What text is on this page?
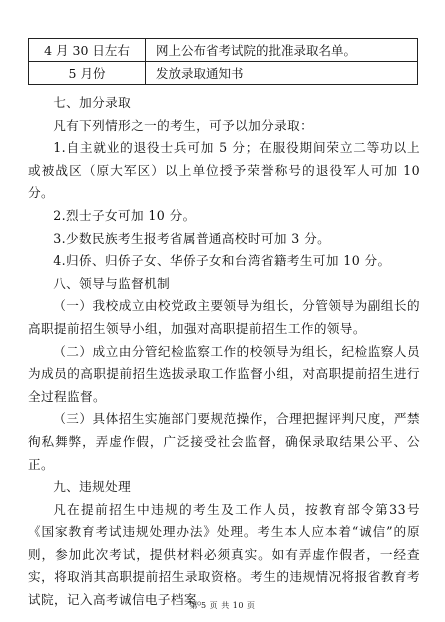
4 月 30 日左右	网上公布省考试院的批准录取名单。
5 月份	发放录取通知书

七、加分录取

凡有下列情形之一的考生，可予以加分录取：

1.自主就业的退役士兵可加 5 分；在服役期间荣立二等功以上或被战区（原大军区）以上单位授予荣誉称号的退役军人可加 10 分。

2.烈士子女可加 10 分。

3.少数民族考生报考省属普通高校时可加 3 分。

4.归侨、归侨子女、华侨子女和台湾省籍考生可加 10 分。

八、领导与监督机制

（一）我校成立由校党政主要领导为组长，分管领导为副组长的高职提前招生领导小组，加强对高职提前招生工作的领导。

（二）成立由分管纪检监察工作的校领导为组长，纪检监察人员为成员的高职提前招生选拔录取工作监督小组，对高职提前招生进行全过程监督。

（三）具体招生实施部门要规范操作，合理把握评判尺度，严禁徇私舞弊，弄虚作假，广泛接受社会监督，确保录取结果公平、公正。

九、违规处理

凡在提前招生中违规的考生及工作人员，按教育部令第33号《国家教育考试违规处理办法》处理。考生本人应本着“诚信”的原则，参加此次考试，提供材料必须真实。如有弄虚作假者，一经查实，将取消其高职提前招生录取资格。考生的违规情况将报省教育考试院，记入高考诚信电子档案。

第 5 页 共 10 页
